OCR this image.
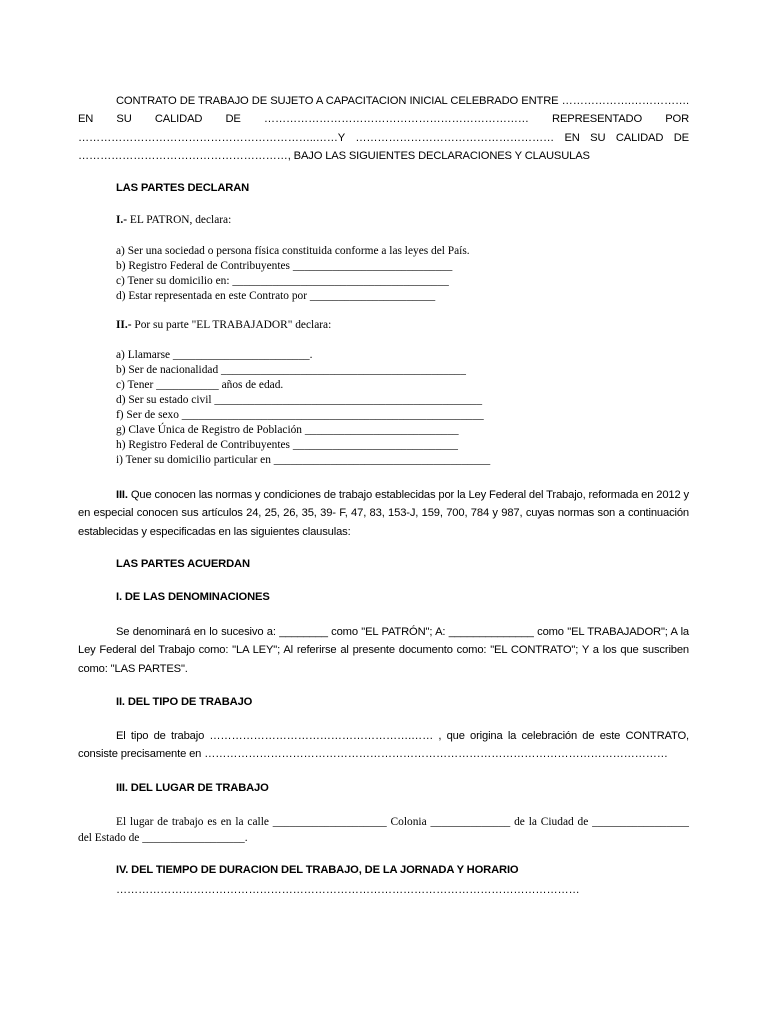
CONTRATO DE TRABAJO DE SUJETO A CAPACITACION INICIAL CELEBRADO ENTRE ……………….……………. EN SU CALIDAD DE ……………………………………………………………… REPRESENTADO POR ………………………………………………………..……Y ……………………………………………… EN SU CALIDAD DE …………………………………………………, BAJO LAS SIGUIENTES DECLARACIONES Y CLAUSULAS

LAS PARTES DECLARAN

I.- EL PATRON, declara:

a) Ser una sociedad o persona física constituida conforme a las leyes del País.

b) Registro Federal de Contribuyentes ____________________________

c) Tener su domicilio en: ______________________________________

d) Estar representada en este Contrato por ______________________

II.- Por su parte "EL TRABAJADOR" declara:

a) Llamarse ________________________.

b) Ser de nacionalidad ___________________________________________

c) Tener ___________ años de edad.

d) Ser su estado civil _______________________________________________

f) Ser de sexo _____________________________________________________

g) Clave Única de Registro de Población ___________________________

h) Registro Federal de Contribuyentes _____________________________

i) Tener su domicilio particular en ______________________________________

III. Que conocen las normas y condiciones de trabajo establecidas por la Ley Federal del Trabajo, reformada en 2012 y en especial conocen sus artículos 24, 25, 26, 35, 39- F, 47, 83, 153-J, 159, 700, 784 y 987, cuyas normas son a continuación establecidas y especificadas en las siguientes clausulas:

LAS PARTES ACUERDAN

I. DE LAS DENOMINACIONES

Se denominará en lo sucesivo a: ________ como "EL PATRÓN"; A: ______________ como "EL TRABAJADOR"; A la Ley Federal del Trabajo como: "LA LEY"; Al referirse al presente documento como: "EL CONTRATO"; Y a los que suscriben como: "LAS PARTES".

II. DEL TIPO DE TRABAJO

El tipo de trabajo ……………………………………………….…… , que origina la celebración de este CONTRATO, consiste precisamente en ………………………………………………………………………………………………………………

III. DEL LUGAR DE TRABAJO

El lugar de trabajo es en la calle ____________________ Colonia ______________ de la Ciudad de _________________ del Estado de __________________.

IV. DEL TIEMPO DE DURACION DEL TRABAJO, DE LA JORNADA Y HORARIO

………………………………………………………………………………………………………………
